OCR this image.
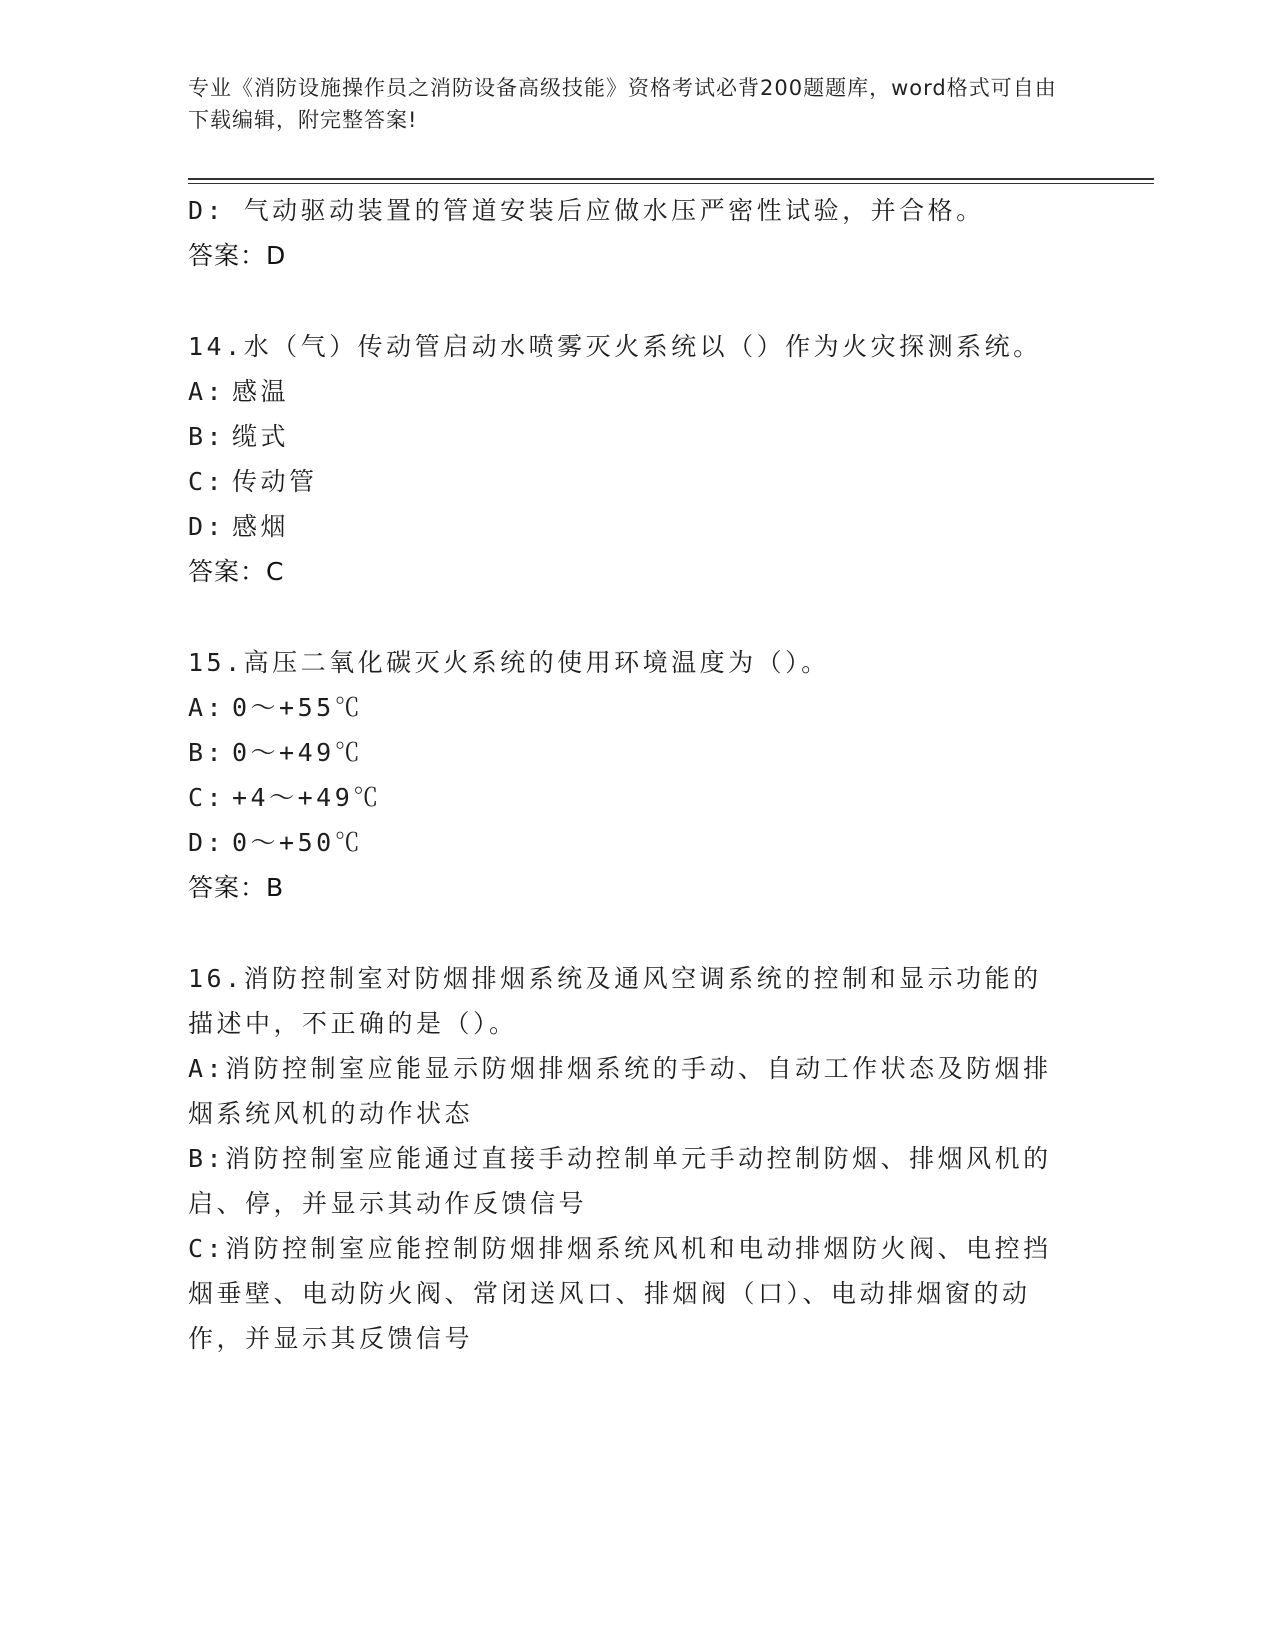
专业《消防设施操作员之消防设备高级技能》资格考试必背200题题库，word格式可自由下载编辑，附完整答案!
D: 气动驱动装置的管道安装后应做水压严密性试验，并合格。
答案：D
14.水（气）传动管启动水喷雾灭火系统以（）作为火灾探测系统。
A: 感温
B: 缆式
C: 传动管
D: 感烟
答案：C
15.高压二氧化碳灭火系统的使用环境温度为（）。
A: 0～+55℃
B: 0～+49℃
C: +4～+49℃
D: 0～+50℃
答案：B
16.消防控制室对防烟排烟系统及通风空调系统的控制和显示功能的描述中，不正确的是（）。
A:消防控制室应能显示防烟排烟系统的手动、自动工作状态及防烟排烟系统风机的动作状态
B:消防控制室应能通过直接手动控制单元手动控制防烟、排烟风机的启、停，并显示其动作反馈信号
C:消防控制室应能控制防烟排烟系统风机和电动排烟防火阀、电控挡烟垂壁、电动防火阀、常闭送风口、排烟阀（口）、电动排烟窗的动作，并显示其反馈信号
